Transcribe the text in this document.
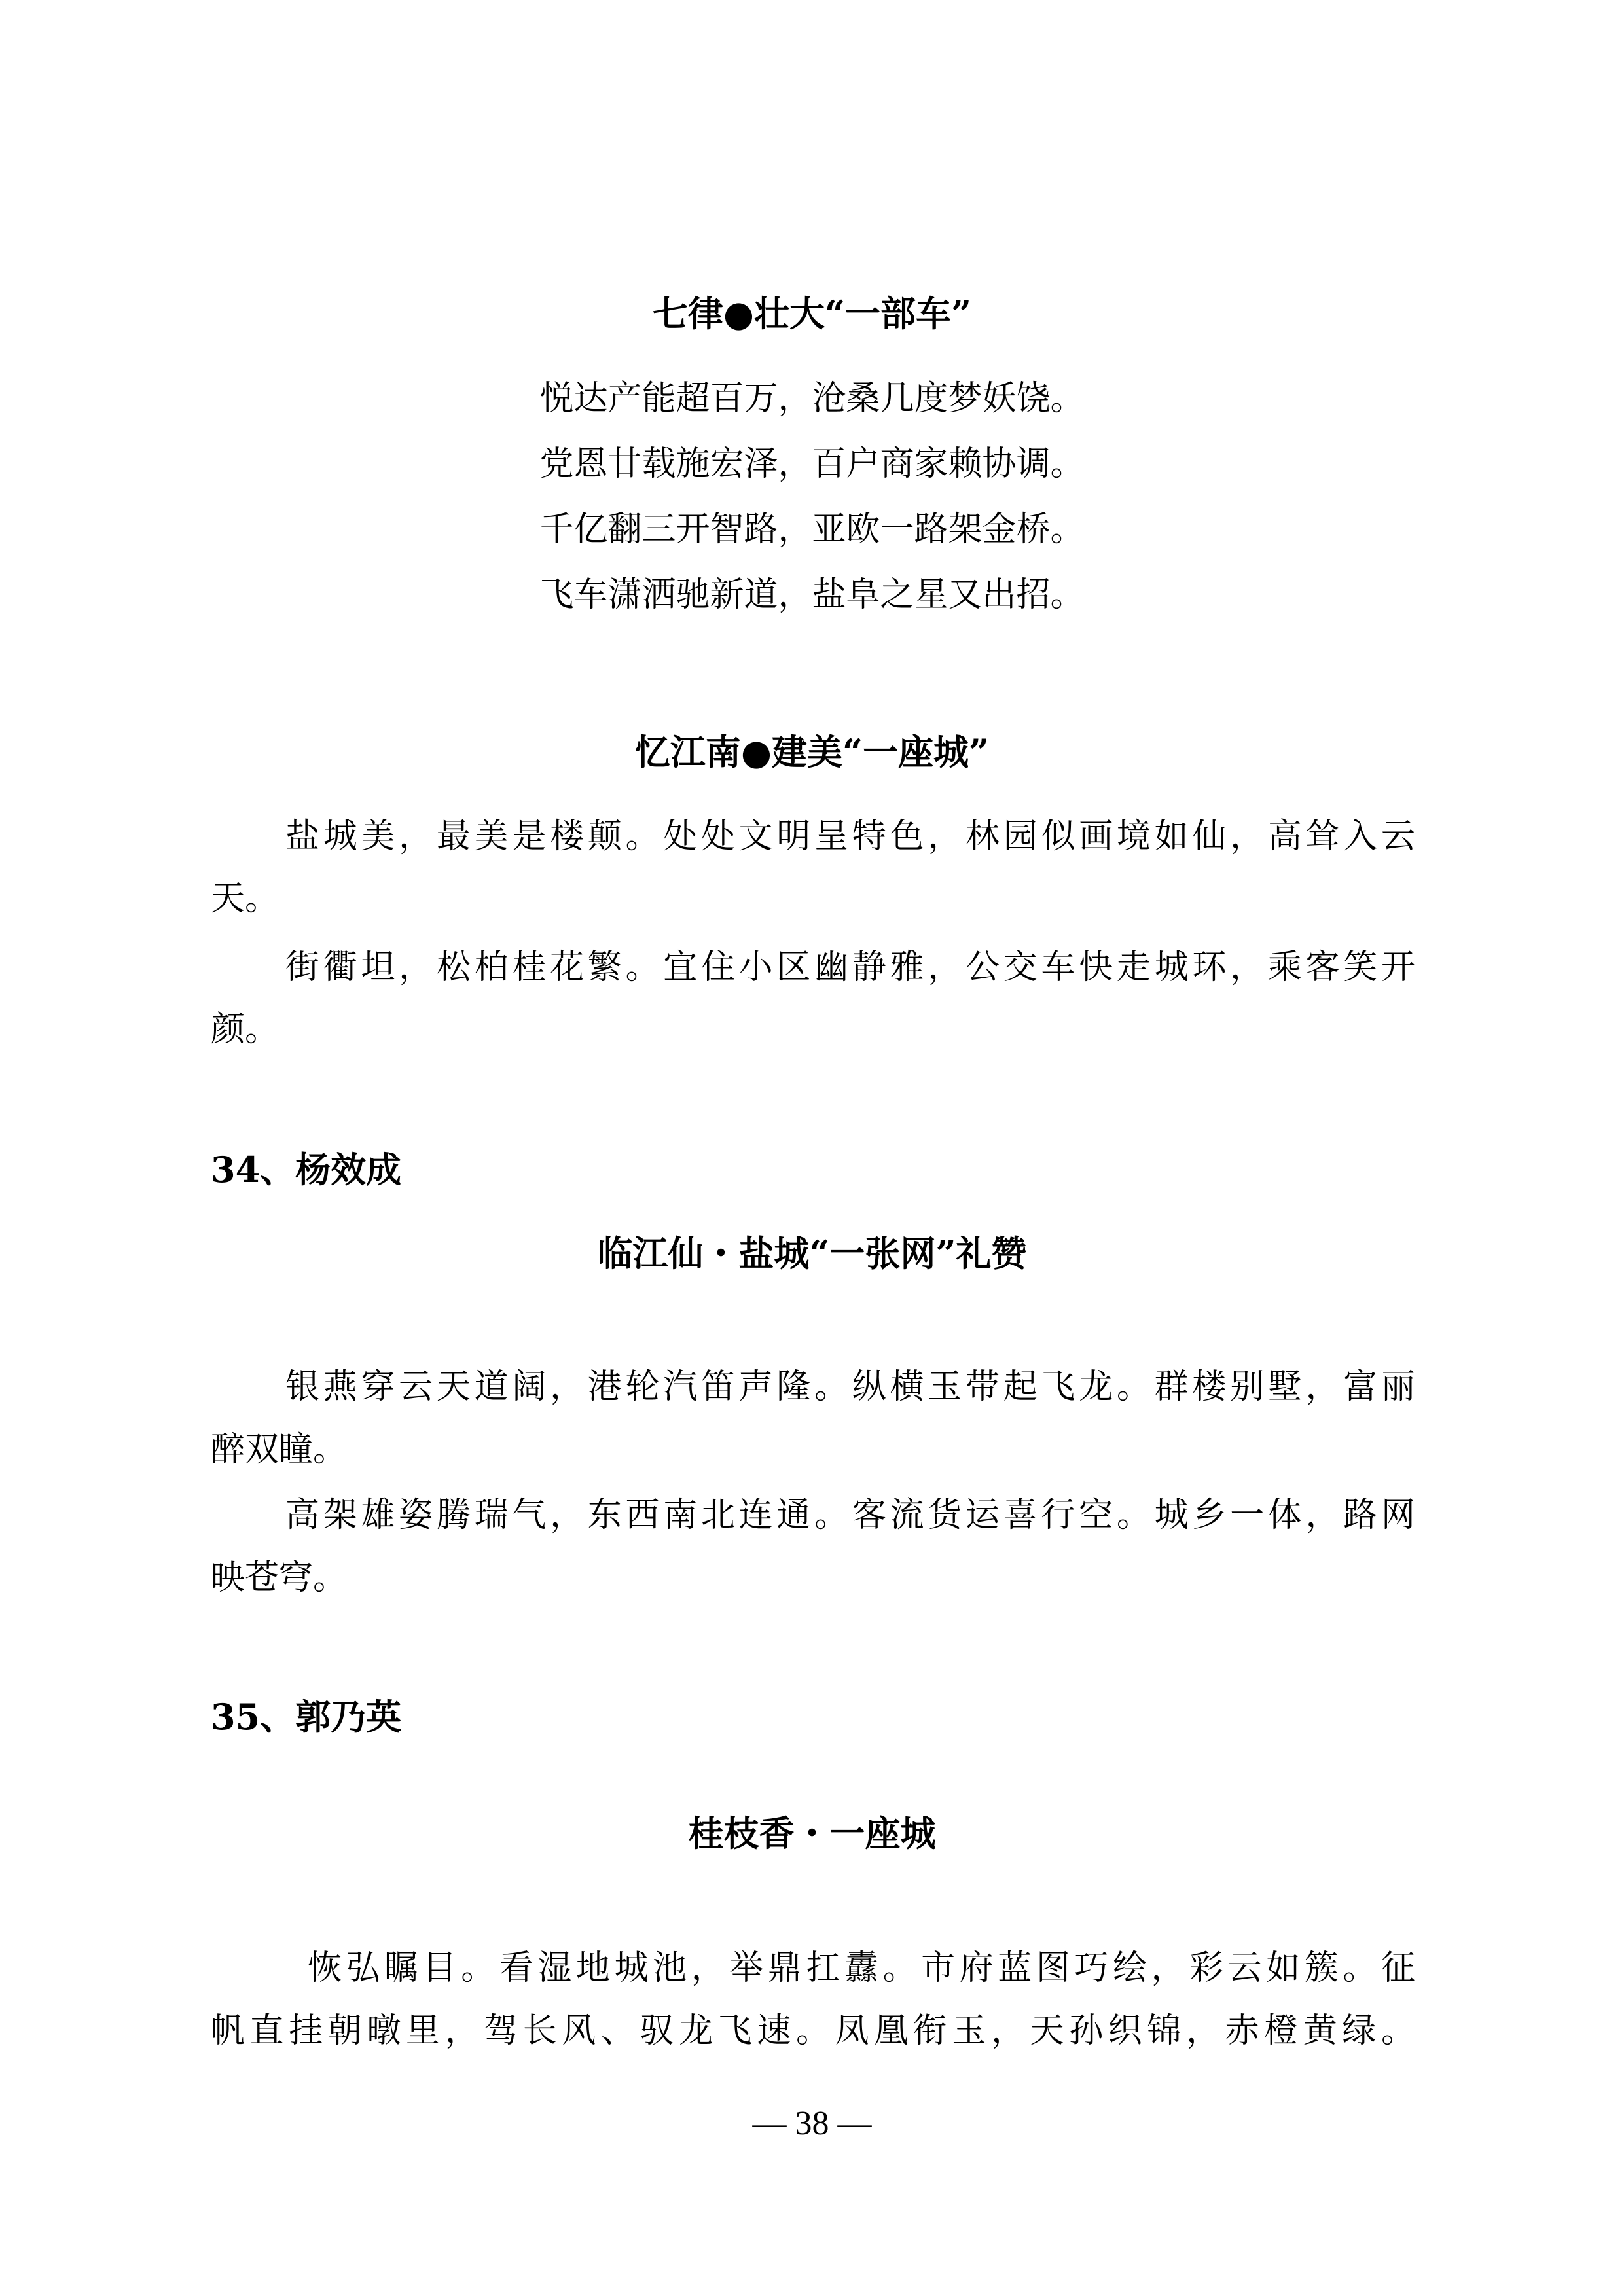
七律●壮大“一部车”
悦达产能超百万，沧桑几度梦妖饶。
党恩廿载施宏泽，百户商家赖协调。
千亿翻三开智路，亚欧一路架金桥。
飞车潇洒驰新道，盐阜之星又出招。
忆江南●建美“一座城”
盐城美，最美是楼颠。处处文明呈特色，林园似画境如仙，高耸入云
天。
街衢坦，松柏桂花繁。宜住小区幽静雅，公交车快走城环，乘客笑开
颜。
34、杨效成
临江仙・盐城“一张网”礼赞
银燕穿云天道阔，港轮汽笛声隆。纵横玉带起飞龙。群楼别墅，富丽
醉双瞳。
高架雄姿腾瑞气，东西南北连通。客流货运喜行空。城乡一体，路网
映苍穹。
35、郭乃英
桂枝香・一座城
恢弘瞩目。看湿地城池，举鼎扛纛。市府蓝图巧绘，彩云如簇。征
帆直挂朝暾里，驾长风、驭龙飞速。凤凰衔玉，天孙织锦，赤橙黄绿。
— 38 —
